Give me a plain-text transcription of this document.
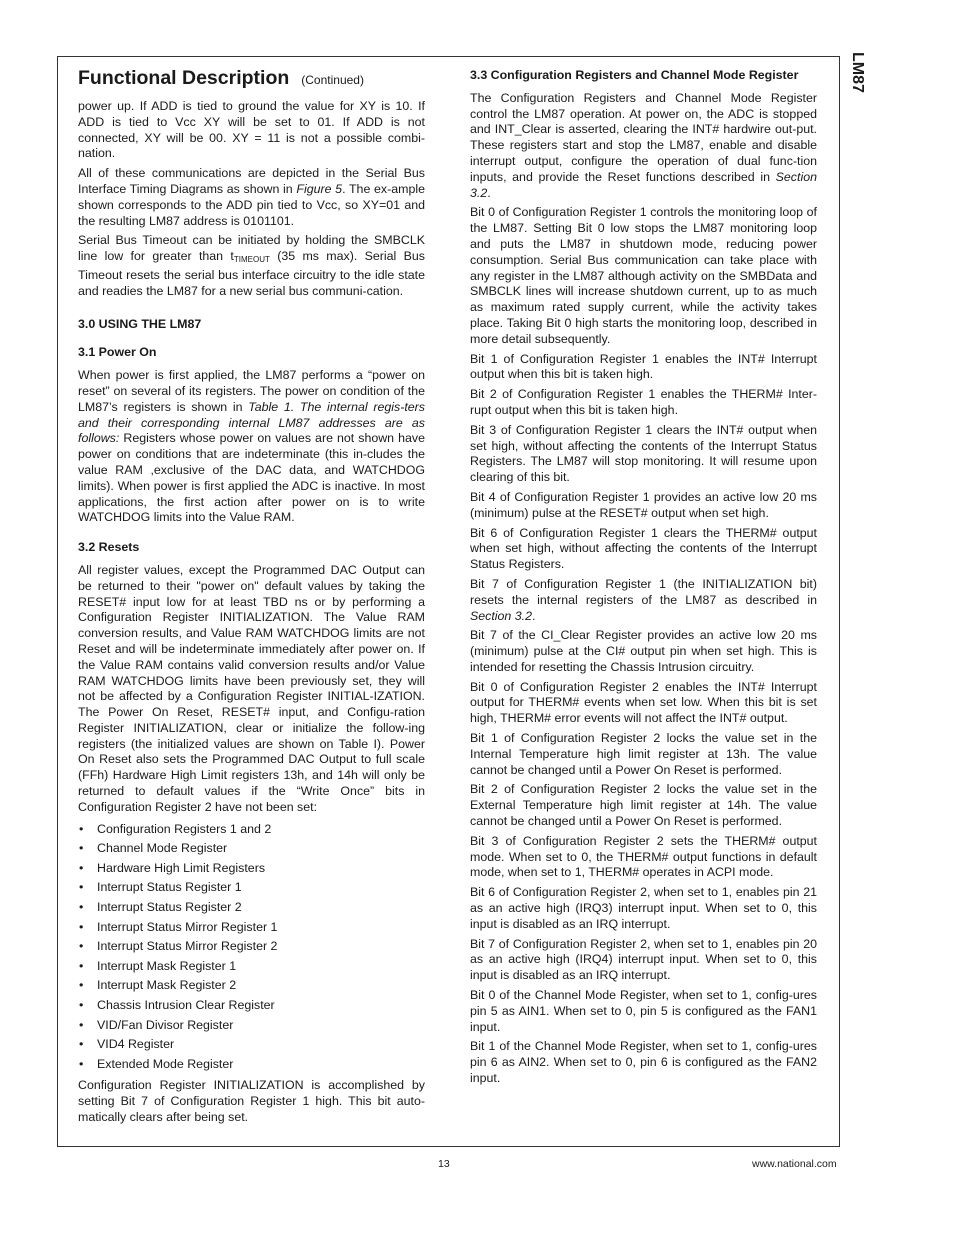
LM87
Functional Description (Continued)

power up. If ADD is tied to ground the value for XY is 10. If ADD is tied to Vcc XY will be set to 01. If ADD is not connected, XY will be 00. XY = 11 is not a possible combi-nation.

All of these communications are depicted in the Serial Bus Interface Timing Diagrams as shown in Figure 5. The ex-ample shown corresponds to the ADD pin tied to Vcc, so XY=01 and the resulting LM87 address is 0101101.

Serial Bus Timeout can be initiated by holding the SMBCLK line low for greater than $t_{TIMEOUT}$ (35 ms max). Serial Bus Timeout resets the serial bus interface circuitry to the idle state and readies the LM87 for a new serial bus communi-cation.

3.0 USING THE LM87
3.1 Power On

When power is first applied, the LM87 performs a “power on reset” on several of its registers. The power on condition of the LM87’s registers is shown in Table 1. The internal regis-ters and their corresponding internal LM87 addresses are as follows: Registers whose power on values are not shown have power on conditions that are indeterminate (this in-cludes the value RAM ,exclusive of the DAC data, and WATCHDOG limits). When power is first applied the ADC is inactive. In most applications, the first action after power on is to write WATCHDOG limits into the Value RAM.

3.2 Resets

All register values, except the Programmed DAC Output can be returned to their "power on" default values by taking the RESET# input low for at least TBD ns or by performing a Configuration Register INITIALIZATION. The Value RAM conversion results, and Value RAM WATCHDOG limits are not Reset and will be indeterminate immediately after power on. If the Value RAM contains valid conversion results and/or Value RAM WATCHDOG limits have been previously set, they will not be affected by a Configuration Register INITIAL-IZATION. The Power On Reset, RESET# input, and Configu-ration Register INITIALIZATION, clear or initialize the follow-ing registers (the initialized values are shown on Table I). Power On Reset also sets the Programmed DAC Output to full scale (FFh) Hardware High Limit registers 13h, and 14h will only be returned to default values if the “Write Once” bits in Configuration Register 2 have not been set:

• Configuration Registers 1 and 2
• Channel Mode Register
• Hardware High Limit Registers
• Interrupt Status Register 1
• Interrupt Status Register 2
• Interrupt Status Mirror Register 1
• Interrupt Status Mirror Register 2
• Interrupt Mask Register 1
• Interrupt Mask Register 2
• Chassis Intrusion Clear Register
• VID/Fan Divisor Register
• VID4 Register
• Extended Mode Register

Configuration Register INITIALIZATION is accomplished by setting Bit 7 of Configuration Register 1 high. This bit auto-matically clears after being set.

3.3 Configuration Registers and Channel Mode Register

The Configuration Registers and Channel Mode Register control the LM87 operation. At power on, the ADC is stopped and INT_Clear is asserted, clearing the INT# hardwire out-put. These registers start and stop the LM87, enable and disable interrupt output, configure the operation of dual func-tion inputs, and provide the Reset functions described in Section 3.2.

Bit 0 of Configuration Register 1 controls the monitoring loop of the LM87. Setting Bit 0 low stops the LM87 monitoring loop and puts the LM87 in shutdown mode, reducing power consumption. Serial Bus communication can take place with any register in the LM87 although activity on the SMBData and SMBCLK lines will increase shutdown current, up to as much as maximum rated supply current, while the activity takes place. Taking Bit 0 high starts the monitoring loop, described in more detail subsequently.

Bit 1 of Configuration Register 1 enables the INT# Interrupt output when this bit is taken high.

Bit 2 of Configuration Register 1 enables the THERM# Inter-rupt output when this bit is taken high.

Bit 3 of Configuration Register 1 clears the INT# output when set high, without affecting the contents of the Interrupt Status Registers. The LM87 will stop monitoring. It will resume upon clearing of this bit.

Bit 4 of Configuration Register 1 provides an active low 20 ms (minimum) pulse at the RESET# output when set high.

Bit 6 of Configuration Register 1 clears the THERM# output when set high, without affecting the contents of the Interrupt Status Registers.

Bit 7 of Configuration Register 1 (the INITIALIZATION bit) resets the internal registers of the LM87 as described in Section 3.2.

Bit 7 of the CI_Clear Register provides an active low 20 ms (minimum) pulse at the CI# output pin when set high. This is intended for resetting the Chassis Intrusion circuitry.

Bit 0 of Configuration Register 2 enables the INT# Interrupt output for THERM# events when set low. When this bit is set high, THERM# error events will not affect the INT# output.

Bit 1 of Configuration Register 2 locks the value set in the Internal Temperature high limit register at 13h. The value cannot be changed until a Power On Reset is performed.

Bit 2 of Configuration Register 2 locks the value set in the External Temperature high limit register at 14h. The value cannot be changed until a Power On Reset is performed.

Bit 3 of Configuration Register 2 sets the THERM# output mode. When set to 0, the THERM# output functions in default mode, when set to 1, THERM# operates in ACPI mode.

Bit 6 of Configuration Register 2, when set to 1, enables pin 21 as an active high (IRQ3) interrupt input. When set to 0, this input is disabled as an IRQ interrupt.

Bit 7 of Configuration Register 2, when set to 1, enables pin 20 as an active high (IRQ4) interrupt input. When set to 0, this input is disabled as an IRQ interrupt.

Bit 0 of the Channel Mode Register, when set to 1, config-ures pin 5 as AIN1. When set to 0, pin 5 is configured as the FAN1 input.

Bit 1 of the Channel Mode Register, when set to 1, config-ures pin 6 as AIN2. When set to 0, pin 6 is configured as the FAN2 input.

13	www.national.com
